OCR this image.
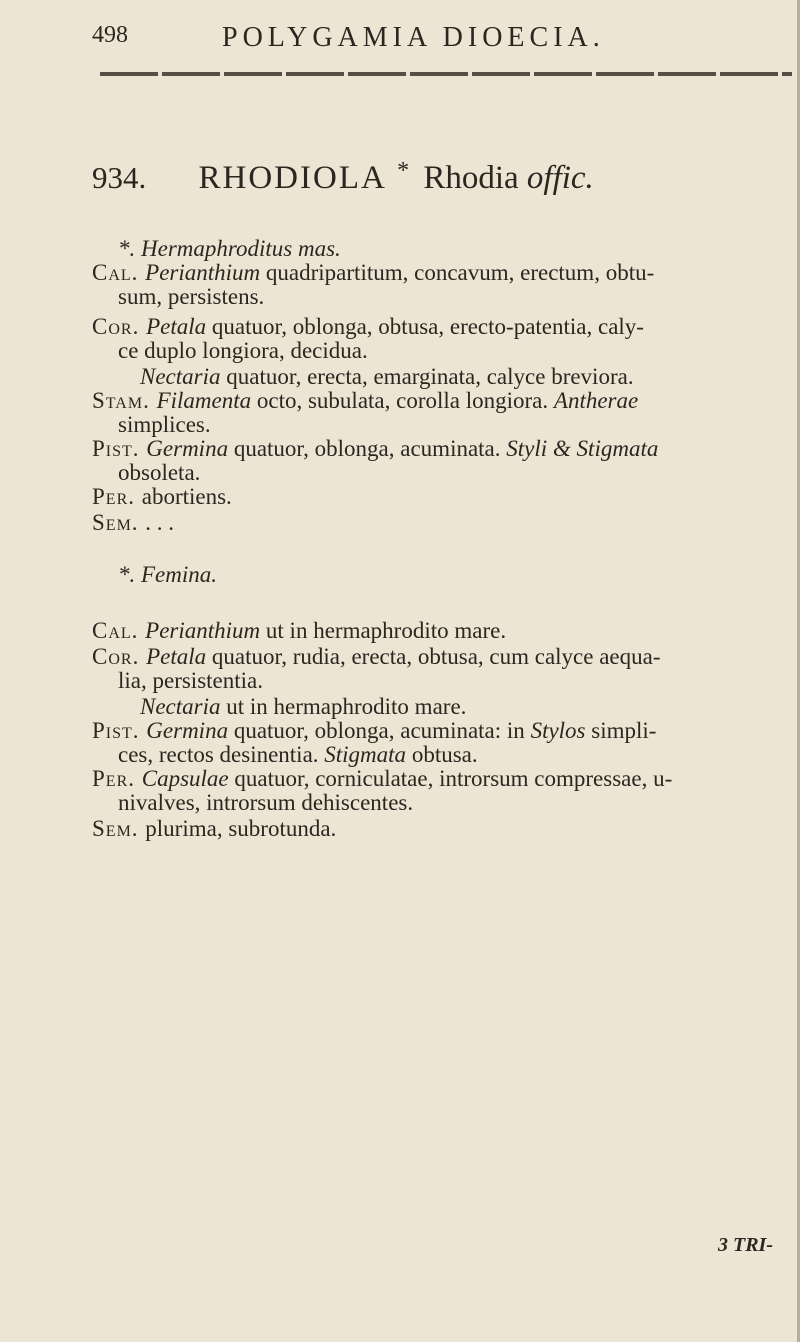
498	POLYGAMIA DIOECIA.
934. RHODIOLA * Rhodia offic.
*. Hermaphroditus mas.
Cal. Perianthium quadripartitum, concavum, erectum, obtu-
sum, persistens.
Cor. Petala quatuor, oblonga, obtusa, erecto-patentia, caly-
ce duplo longiora, decidua.
Nectaria quatuor, erecta, emarginata, calyce breviora.
Stam. Filamenta octo, subulata, corolla longiora. Antherae
simplices.
Pist. Germina quatuor, oblonga, acuminata. Styli & Stigmata
obsoleta.
Per. abortiens.
Sem. . . .
*. Femina.
Cal. Perianthium ut in hermaphrodito mare.
Cor. Petala quatuor, rudia, erecta, obtusa, cum calyce aequa-
lia, persistentia.
Nectaria ut in hermaphrodito mare.
Pist. Germina quatuor, oblonga, acuminata: in Stylos simpli-
ces, rectos desinentia. Stigmata obtusa.
Per. Capsulae quatuor, corniculatae, introrsum compressae, u-
nivalves, introrsum dehiscentes.
Sem. plurima, subrotunda.
3 TRI-
